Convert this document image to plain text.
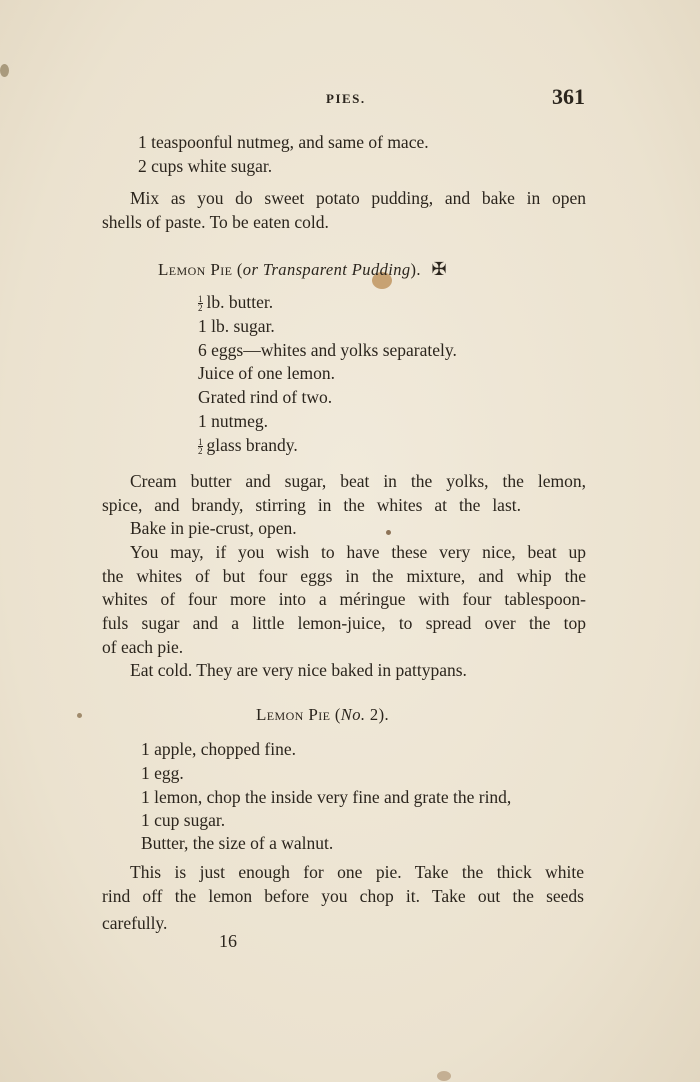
PIES.	361
1 teaspoonful nutmeg, and same of mace.
2 cups white sugar.
Mix as you do sweet potato pudding, and bake in open
shells of paste. To be eaten cold.
Lemon Pie (or Transparent Pudding). ✠
$\frac{1}{2}$ lb. butter.
1 lb. sugar.
6 eggs—whites and yolks separately.
Juice of one lemon.
Grated rind of two.
1 nutmeg.
$\frac{1}{2}$ glass brandy.
Cream butter and sugar, beat in the yolks, the lemon,
spice, and brandy, stirring in the whites at the last.
Bake in pie-crust, open.
You may, if you wish to have these very nice, beat up
the whites of but four eggs in the mixture, and whip the
whites of four more into a méringue with four tablespoon-
fuls sugar and a little lemon-juice, to spread over the top
of each pie.
Eat cold. They are very nice baked in pattypans.
Lemon Pie (No. 2).
1 apple, chopped fine.
1 egg.
1 lemon, chop the inside very fine and grate the rind,
1 cup sugar.
Butter, the size of a walnut.
This is just enough for one pie. Take the thick white
rind off the lemon before you chop it. Take out the seeds
carefully.
16
